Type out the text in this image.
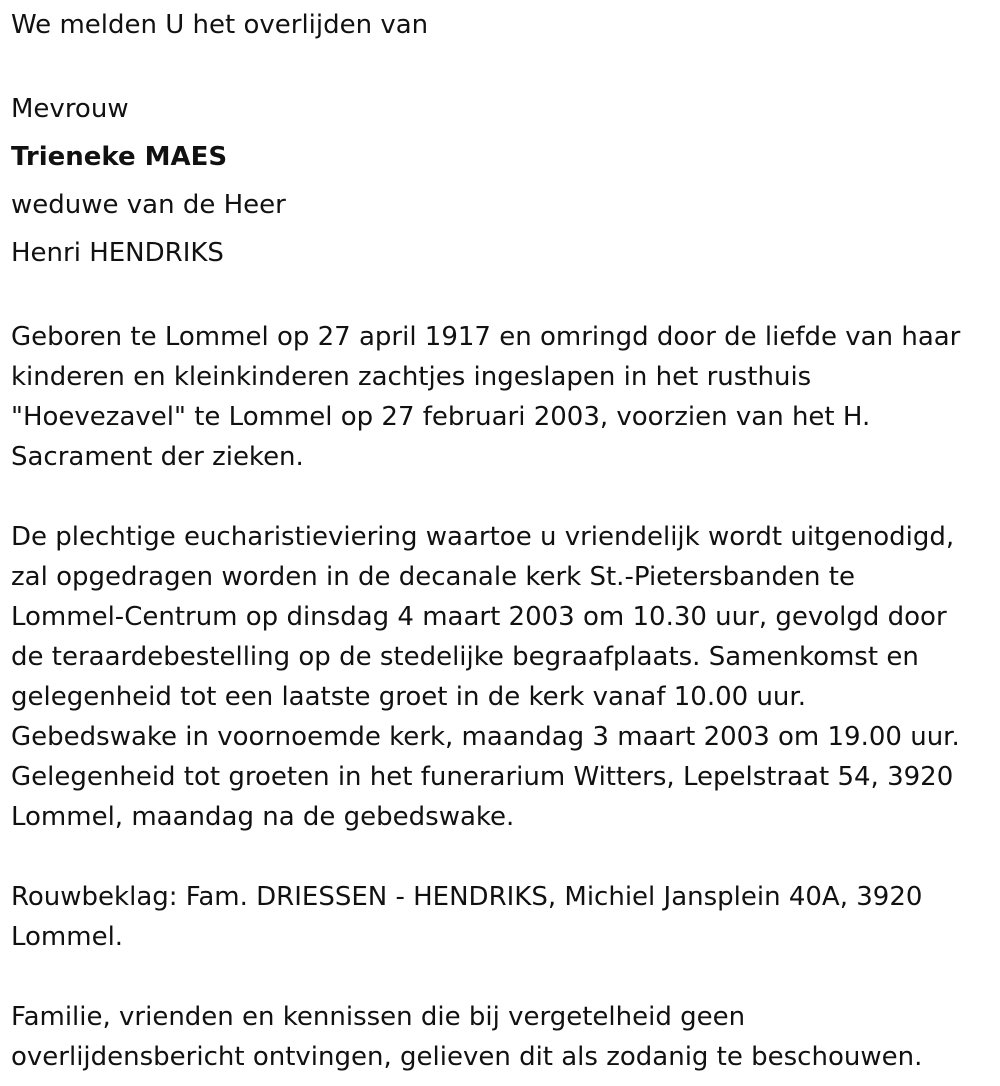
We melden U het overlijden van

Mevrouw

Trieneke MAES

weduwe van de Heer

Henri HENDRIKS

Geboren te Lommel op 27 april 1917 en omringd door de liefde van haar

kinderen en kleinkinderen zachtjes ingeslapen in het rusthuis

"Hoevezavel" te Lommel op 27 februari 2003, voorzien van het H.

Sacrament der zieken.

De plechtige eucharistieviering waartoe u vriendelijk wordt uitgenodigd,

zal opgedragen worden in de decanale kerk St.-Pietersbanden te

Lommel-Centrum op dinsdag 4 maart 2003 om 10.30 uur, gevolgd door

de teraardebestelling op de stedelijke begraafplaats. Samenkomst en

gelegenheid tot een laatste groet in de kerk vanaf 10.00 uur.

Gebedswake in voornoemde kerk, maandag 3 maart 2003 om 19.00 uur.

Gelegenheid tot groeten in het funerarium Witters, Lepelstraat 54, 3920

Lommel, maandag na de gebedswake.

Rouwbeklag: Fam. DRIESSEN - HENDRIKS, Michiel Jansplein 40A, 3920

Lommel.

Familie, vrienden en kennissen die bij vergetelheid geen

overlijdensbericht ontvingen, gelieven dit als zodanig te beschouwen.
